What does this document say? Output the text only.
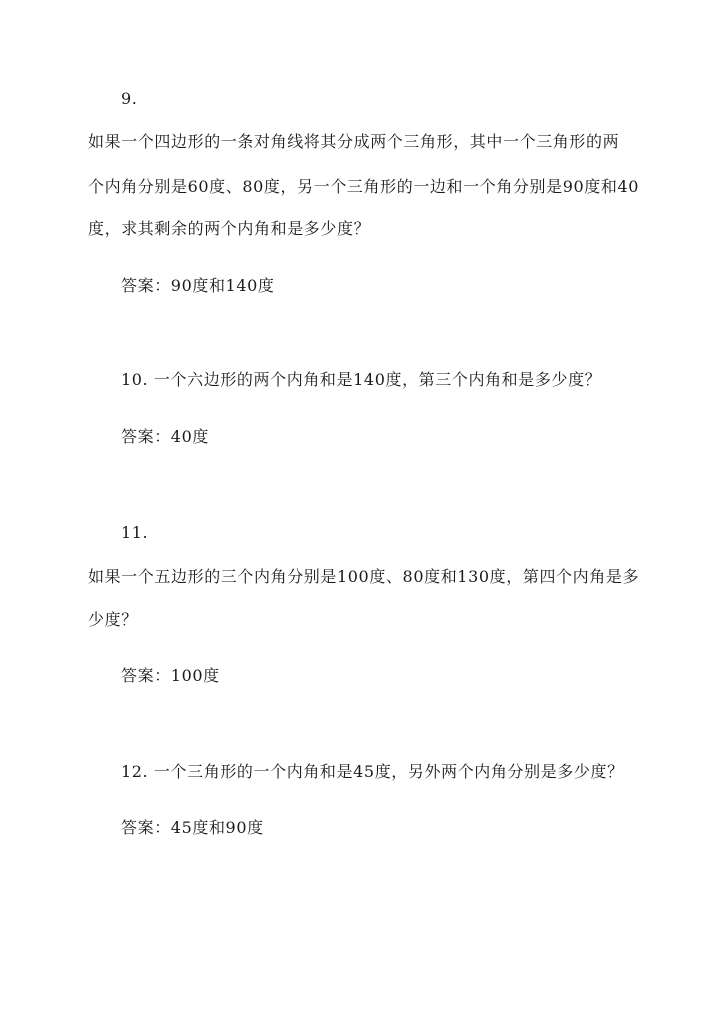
9.
如果一个四边形的一条对角线将其分成两个三角形，其中一个三角形的两
个内角分别是60度、80度，另一个三角形的一边和一个角分别是90度和40
度，求其剩余的两个内角和是多少度？
答案：90度和140度
10. 一个六边形的两个内角和是140度，第三个内角和是多少度？
答案：40度
11.
如果一个五边形的三个内角分别是100度、80度和130度，第四个内角是多
少度？
答案：100度
12. 一个三角形的一个内角和是45度，另外两个内角分别是多少度？
答案：45度和90度
